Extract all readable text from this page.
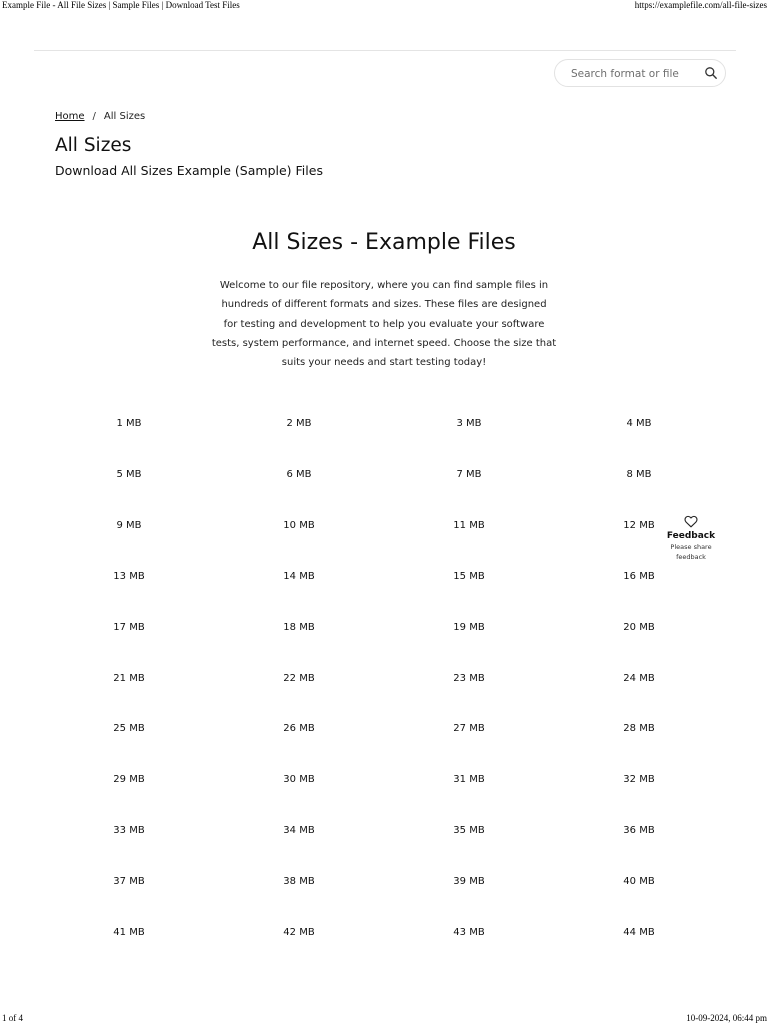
Example File - All File Sizes | Sample Files | Download Test Files	https://examplefile.com/all-file-sizes
Search format or file
Home / All Sizes
All Sizes
Download All Sizes Example (Sample) Files
All Sizes - Example Files

Welcome to our file repository, where you can find sample files in
hundreds of different formats and sizes. These files are designed
for testing and development to help you evaluate your software
tests, system performance, and internet speed. Choose the size that
suits your needs and start testing today!

1 MB	2 MB	3 MB	4 MB
5 MB	6 MB	7 MB	8 MB
9 MB	10 MB	11 MB	12 MB
13 MB	14 MB	15 MB	16 MB
17 MB	18 MB	19 MB	20 MB
21 MB	22 MB	23 MB	24 MB
25 MB	26 MB	27 MB	28 MB
29 MB	30 MB	31 MB	32 MB
33 MB	34 MB	35 MB	36 MB
37 MB	38 MB	39 MB	40 MB
41 MB	42 MB	43 MB	44 MB
Feedback
Please share
feedback
1 of 4	10-09-2024, 06:44 pm
